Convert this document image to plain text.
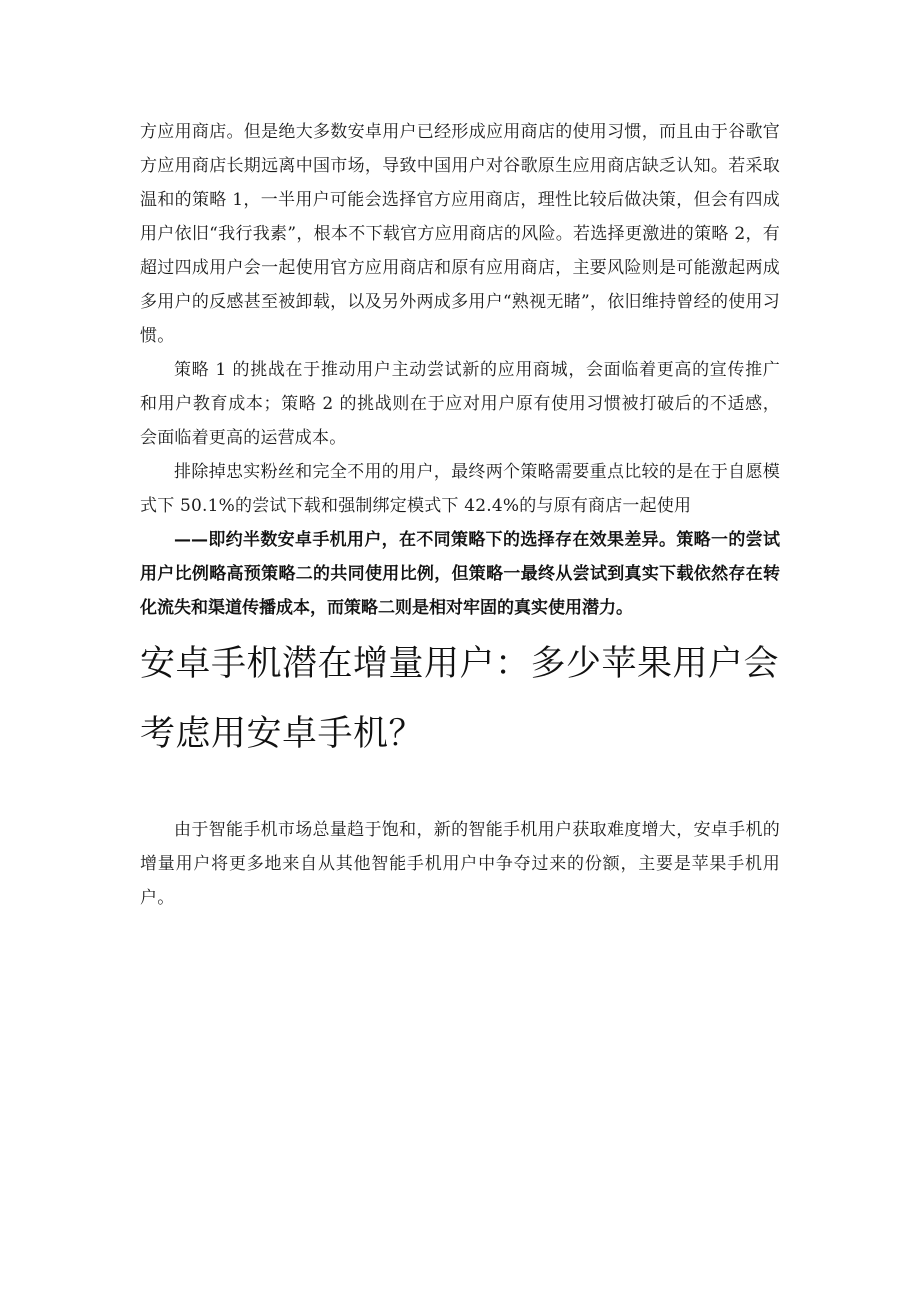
方应用商店。但是绝大多数安卓用户已经形成应用商店的使用习惯，而且由于谷歌官方应用商店长期远离中国市场，导致中国用户对谷歌原生应用商店缺乏认知。若采取温和的策略 1，一半用户可能会选择官方应用商店，理性比较后做决策，但会有四成用户依旧“我行我素”，根本不下载官方应用商店的风险。若选择更激进的策略 2，有超过四成用户会一起使用官方应用商店和原有应用商店，主要风险则是可能激起两成多用户的反感甚至被卸载，以及另外两成多用户“熟视无睹”，依旧维持曾经的使用习惯。

策略 1 的挑战在于推动用户主动尝试新的应用商城，会面临着更高的宣传推广和用户教育成本；策略 2 的挑战则在于应对用户原有使用习惯被打破后的不适感，会面临着更高的运营成本。

排除掉忠实粉丝和完全不用的用户，最终两个策略需要重点比较的是在于自愿模式下 50.1%的尝试下载和强制绑定模式下 42.4%的与原有商店一起使用

——即约半数安卓手机用户，在不同策略下的选择存在效果差异。策略一的尝试用户比例略高预策略二的共同使用比例，但策略一最终从尝试到真实下载依然存在转化流失和渠道传播成本，而策略二则是相对牢固的真实使用潜力。

安卓手机潜在增量用户：多少苹果用户会考虑用安卓手机？

由于智能手机市场总量趋于饱和，新的智能手机用户获取难度增大，安卓手机的增量用户将更多地来自从其他智能手机用户中争夺过来的份额，主要是苹果手机用户。
